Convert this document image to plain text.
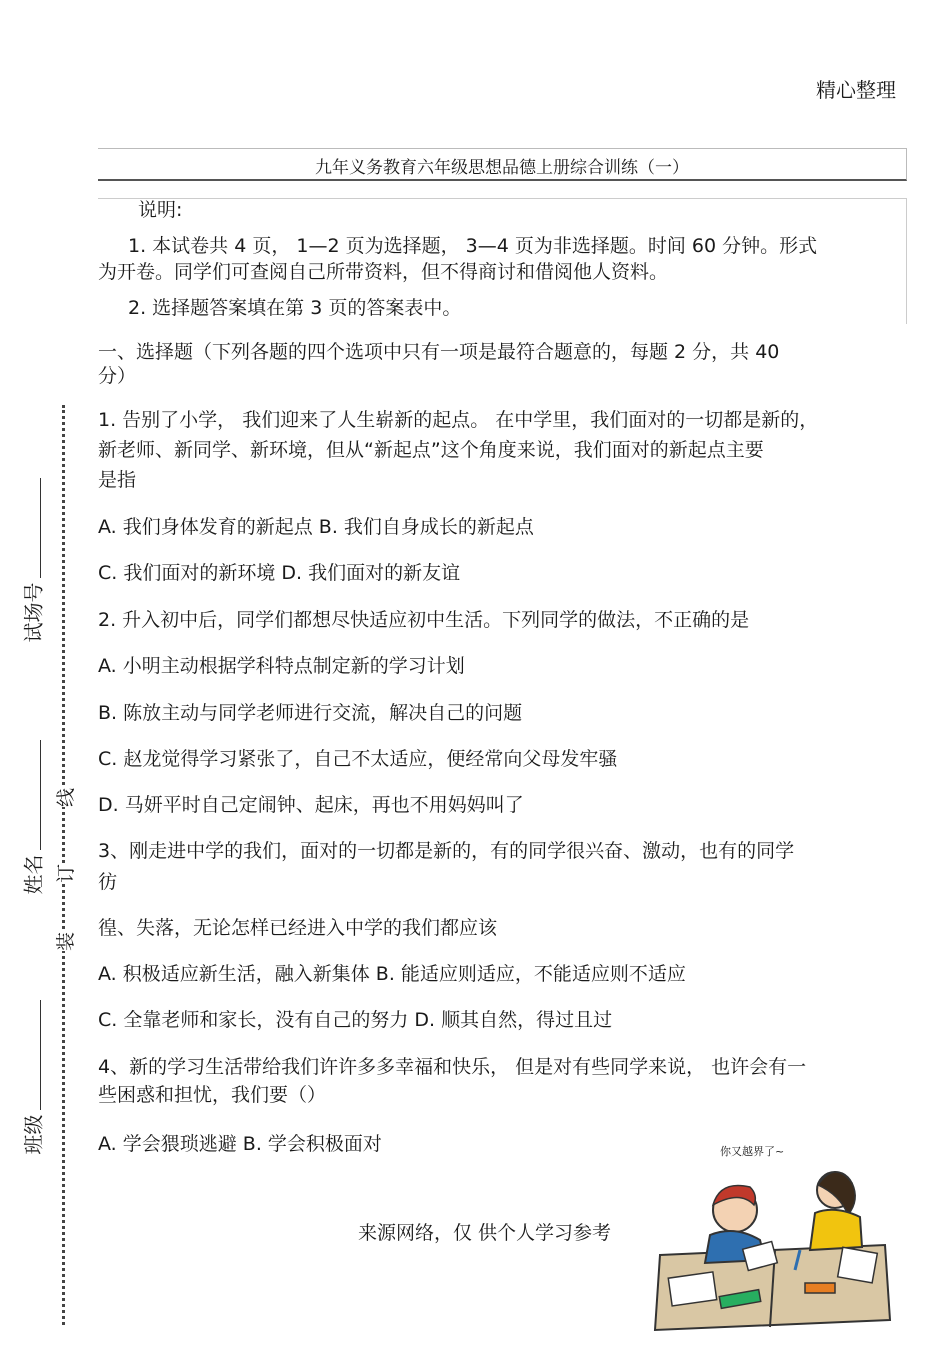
精心整理
九年义务教育六年级思想品德上册综合训练（一）
说明:
1. 本试卷共 4 页， 1—2 页为选择题， 3—4 页为非选择题。时间 60 分钟。形式
为开卷。同学们可查阅自己所带资料，但不得商讨和借阅他人资料。
2. 选择题答案填在第 3 页的答案表中。
一、选择题（下列各题的四个选项中只有一项是最符合题意的，每题 2 分，共 40
分）
1. 告别了小学， 我们迎来了人生崭新的起点。 在中学里，我们面对的一切都是新的，
新老师、新同学、新环境，但从“新起点”这个角度来说，我们面对的新起点主要
是指
A. 我们身体发育的新起点 B. 我们自身成长的新起点
C. 我们面对的新环境 D. 我们面对的新友谊
2. 升入初中后，同学们都想尽快适应初中生活。下列同学的做法，不正确的是
A. 小明主动根据学科特点制定新的学习计划
B. 陈放主动与同学老师进行交流，解决自己的问题
C. 赵龙觉得学习紧张了，自己不太适应，便经常向父母发牢骚
D. 马妍平时自己定闹钟、起床，再也不用妈妈叫了
3、刚走进中学的我们，面对的一切都是新的，有的同学很兴奋、激动，也有的同学
彷
徨、失落，无论怎样已经进入中学的我们都应该
A. 积极适应新生活，融入新集体 B. 能适应则适应，不能适应则不适应
C. 全靠老师和家长，没有自己的努力 D. 顺其自然，得过且过
4、新的学习生活带给我们许许多多幸福和快乐， 但是对有些同学来说， 也许会有一
些困惑和担忧，我们要（）
A. 学会猥琐逃避 B. 学会积极面对
试场号
姓名
班级
线
订
装
来源网络，仅 供个人学习参考
你又越界了~
